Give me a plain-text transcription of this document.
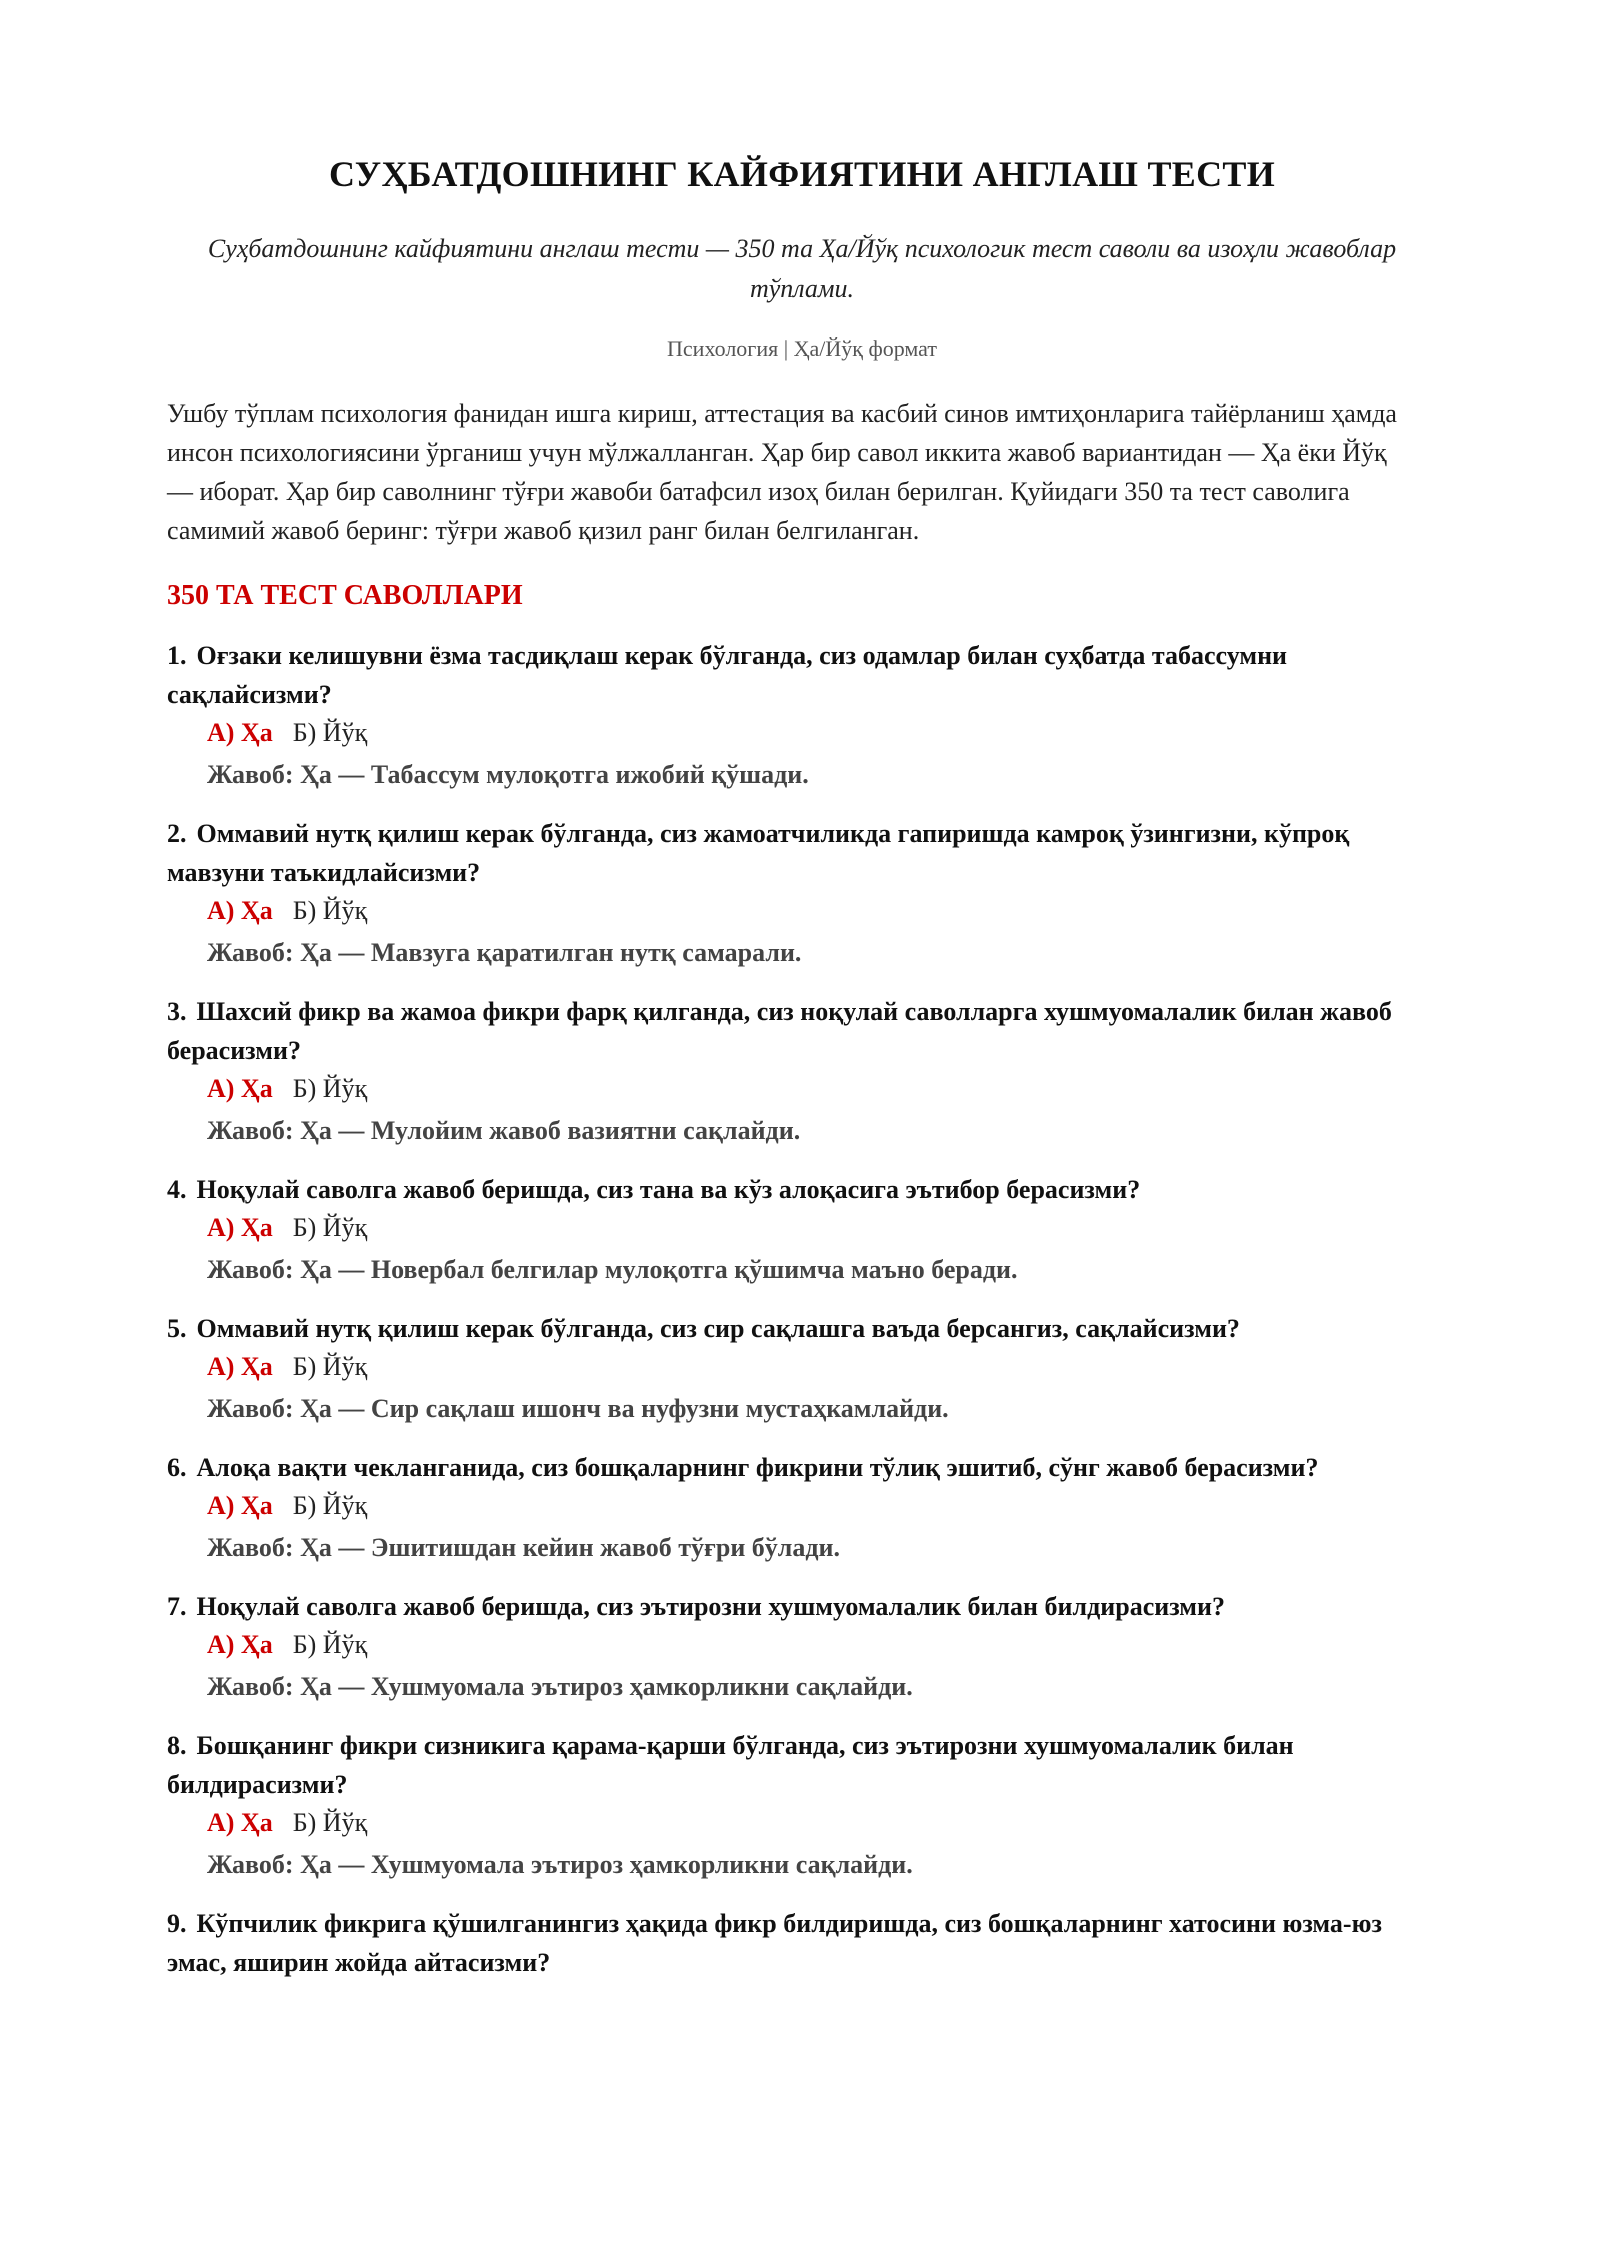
СУҲБАТДОШНИНГ КАЙФИЯТИНИ АНГЛАШ ТЕСТИ
Суҳбатдошнинг кайфиятини англаш тести — 350 та Ҳа/Йўқ психологик тест саволи ва изоҳли жавоблар тўплами.
Психология | Ҳа/Йўқ формат
Ушбу тўплам психология фанидан ишга кириш, аттестация ва касбий синов имтиҳонларига тайёрланиш ҳамда инсон психологиясини ўрганиш учун мўлжалланган. Ҳар бир савол иккита жавоб вариантидан — Ҳа ёки Йўқ — иборат. Ҳар бир саволнинг тўғри жавоби батафсил изоҳ билан берилган. Қуйидаги 350 та тест саволига самимий жавоб беринг: тўғри жавоб қизил ранг билан белгиланган.
350 ТА ТЕСТ САВОЛЛАРИ
1. Оғзаки келишувни ёзма тасдиқлаш керак бўлганда, сиз одамлар билан суҳбатда табассумни сақлайсизми?
А) Ҳа Б) Йўқ
Жавоб: Ҳа — Табассум мулоқотга ижобий қўшади.
2. Оммавий нутқ қилиш керак бўлганда, сиз жамоатчиликда гапиришда камроқ ўзингизни, кўпроқ мавзуни таъкидлайсизми?
А) Ҳа Б) Йўқ
Жавоб: Ҳа — Мавзуга қаратилган нутқ самарали.
3. Шахсий фикр ва жамоа фикри фарқ қилганда, сиз ноқулай саволларга хушмуомалалик билан жавоб берасизми?
А) Ҳа Б) Йўқ
Жавоб: Ҳа — Мулойим жавоб вазиятни сақлайди.
4. Ноқулай саволга жавоб беришда, сиз тана ва кўз алоқасига эътибор берасизми?
А) Ҳа Б) Йўқ
Жавоб: Ҳа — Новербал белгилар мулоқотга қўшимча маъно беради.
5. Оммавий нутқ қилиш керак бўлганда, сиз сир сақлашга ваъда берсангиз, сақлайсизми?
А) Ҳа Б) Йўқ
Жавоб: Ҳа — Сир сақлаш ишонч ва нуфузни мустаҳкамлайди.
6. Алоқа вақти чекланганида, сиз бошқаларнинг фикрини тўлиқ эшитиб, сўнг жавоб берасизми?
А) Ҳа Б) Йўқ
Жавоб: Ҳа — Эшитишдан кейин жавоб тўғри бўлади.
7. Ноқулай саволга жавоб беришда, сиз эътирозни хушмуомалалик билан билдирасизми?
А) Ҳа Б) Йўқ
Жавоб: Ҳа — Хушмуомала эътироз ҳамкорликни сақлайди.
8. Бошқанинг фикри сизникига қарама-қарши бўлганда, сиз эътирозни хушмуомалалик билан билдирасизми?
А) Ҳа Б) Йўқ
Жавоб: Ҳа — Хушмуомала эътироз ҳамкорликни сақлайди.
9. Кўпчилик фикрига қўшилганингиз ҳақида фикр билдиришда, сиз бошқаларнинг хатосини юзма-юз эмас, яширин жойда айтасизми?
